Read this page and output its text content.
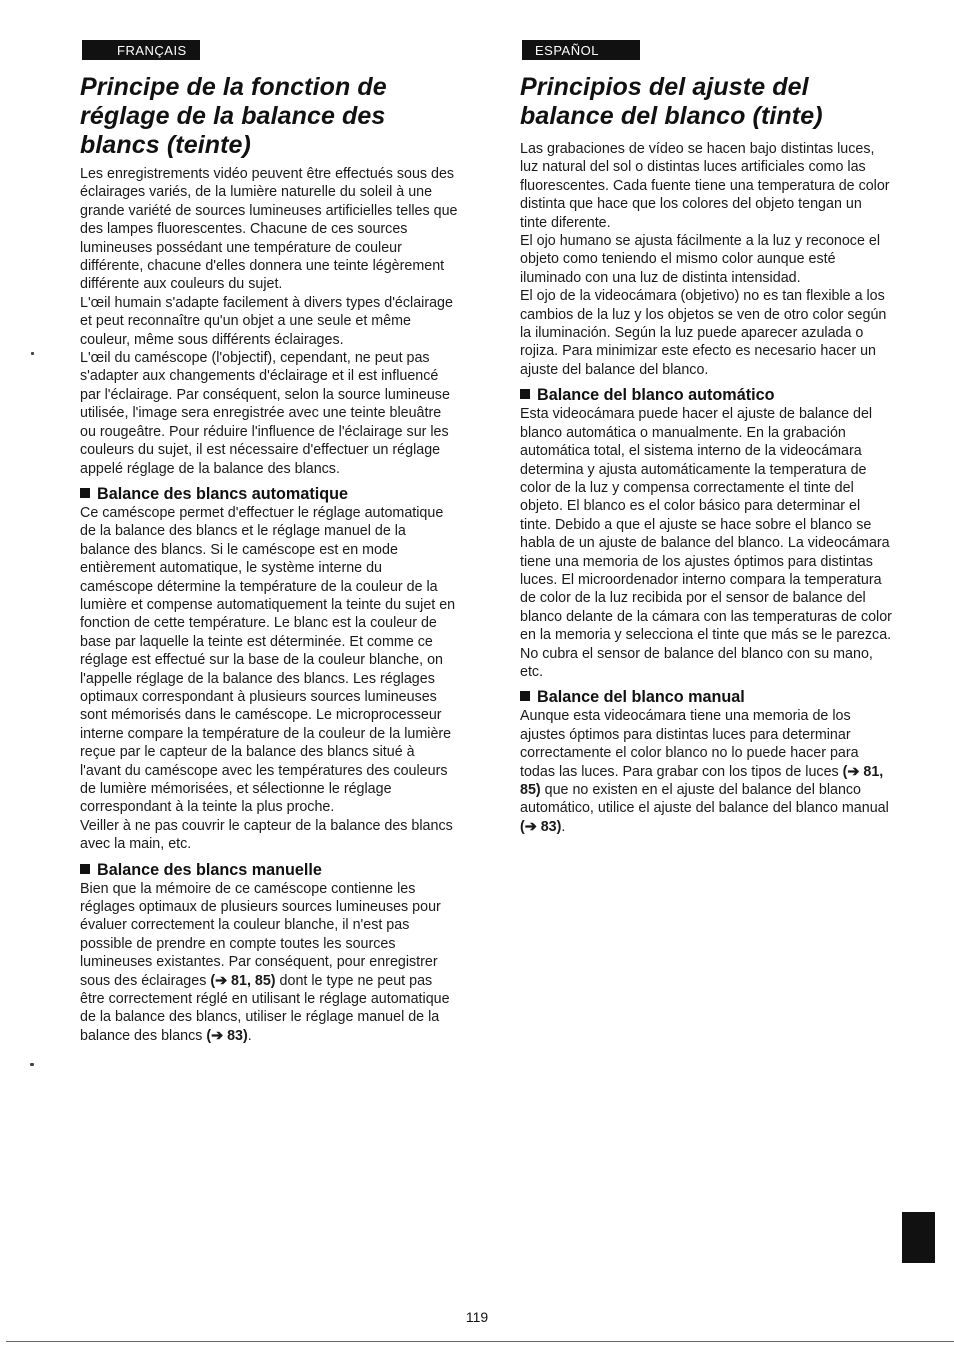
FRANÇAIS
Principe de la fonction de réglage de la balance des blancs (teinte)

Les enregistrements vidéo peuvent être effectués sous des éclairages variés, de la lumière naturelle du soleil à une grande variété de sources lumineuses artificielles telles que des lampes fluorescentes. Chacune de ces sources lumineuses possédant une température de couleur différente, chacune d'elles donnera une teinte légèrement différente aux couleurs du sujet.

L'œil humain s'adapte facilement à divers types d'éclairage et peut reconnaître qu'un objet a une seule et même couleur, même sous différents éclairages.

L'œil du caméscope (l'objectif), cependant, ne peut pas s'adapter aux changements d'éclairage et il est influencé par l'éclairage. Par conséquent, selon la source lumineuse utilisée, l'image sera enregistrée avec une teinte bleuâtre ou rougeâtre. Pour réduire l'influence de l'éclairage sur les couleurs du sujet, il est nécessaire d'effectuer un réglage appelé réglage de la balance des blancs.

Balance des blancs automatique

Ce caméscope permet d'effectuer le réglage automatique de la balance des blancs et le réglage manuel de la balance des blancs. Si le caméscope est en mode entièrement automatique, le système interne du caméscope détermine la température de la couleur de la lumière et compense automatiquement la teinte du sujet en fonction de cette température. Le blanc est la couleur de base par laquelle la teinte est déterminée. Et comme ce réglage est effectué sur la base de la couleur blanche, on l'appelle réglage de la balance des blancs. Les réglages optimaux correspondant à plusieurs sources lumineuses sont mémorisés dans le caméscope. Le microprocesseur interne compare la température de la couleur de la lumière reçue par le capteur de la balance des blancs situé à l'avant du caméscope avec les températures des couleurs de lumière mémorisées, et sélectionne le réglage correspondant à la teinte la plus proche.

Veiller à ne pas couvrir le capteur de la balance des blancs avec la main, etc.

Balance des blancs manuelle

Bien que la mémoire de ce caméscope contienne les réglages optimaux de plusieurs sources lumineuses pour évaluer correctement la couleur blanche, il n'est pas possible de prendre en compte toutes les sources lumineuses existantes. Par conséquent, pour enregistrer sous des éclairages (➔ 81, 85) dont le type ne peut pas être correctement réglé en utilisant le réglage automatique de la balance des blancs, utiliser le réglage manuel de la balance des blancs (➔ 83).

ESPAÑOL
Principios del ajuste del balance del blanco (tinte)

Las grabaciones de vídeo se hacen bajo distintas luces, luz natural del sol o distintas luces artificiales como las fluorescentes. Cada fuente tiene una temperatura de color distinta que hace que los colores del objeto tengan un tinte diferente.

El ojo humano se ajusta fácilmente a la luz y reconoce el objeto como teniendo el mismo color aunque esté iluminado con una luz de distinta intensidad.

El ojo de la videocámara (objetivo) no es tan flexible a los cambios de la luz y los objetos se ven de otro color según la iluminación. Según la luz puede aparecer azulada o rojiza. Para minimizar este efecto es necesario hacer un ajuste del balance del blanco.

Balance del blanco automático

Esta videocámara puede hacer el ajuste de balance del blanco automática o manualmente. En la grabación automática total, el sistema interno de la videocámara determina y ajusta automáticamente la temperatura de color de la luz y compensa correctamente el tinte del objeto. El blanco es el color básico para determinar el tinte. Debido a que el ajuste se hace sobre el blanco se habla de un ajuste de balance del blanco. La videocámara tiene una memoria de los ajustes óptimos para distintas luces. El microordenador interno compara la temperatura de color de la luz recibida por el sensor de balance del blanco delante de la cámara con las temperaturas de color en la memoria y selecciona el tinte que más se le parezca.

No cubra el sensor de balance del blanco con su mano, etc.

Balance del blanco manual

Aunque esta videocámara tiene una memoria de los ajustes óptimos para distintas luces para determinar correctamente el color blanco no lo puede hacer para todas las luces. Para grabar con los tipos de luces (➔ 81, 85) que no existen en el ajuste del balance del blanco automático, utilice el ajuste del balance del blanco manual (➔ 83).

119
